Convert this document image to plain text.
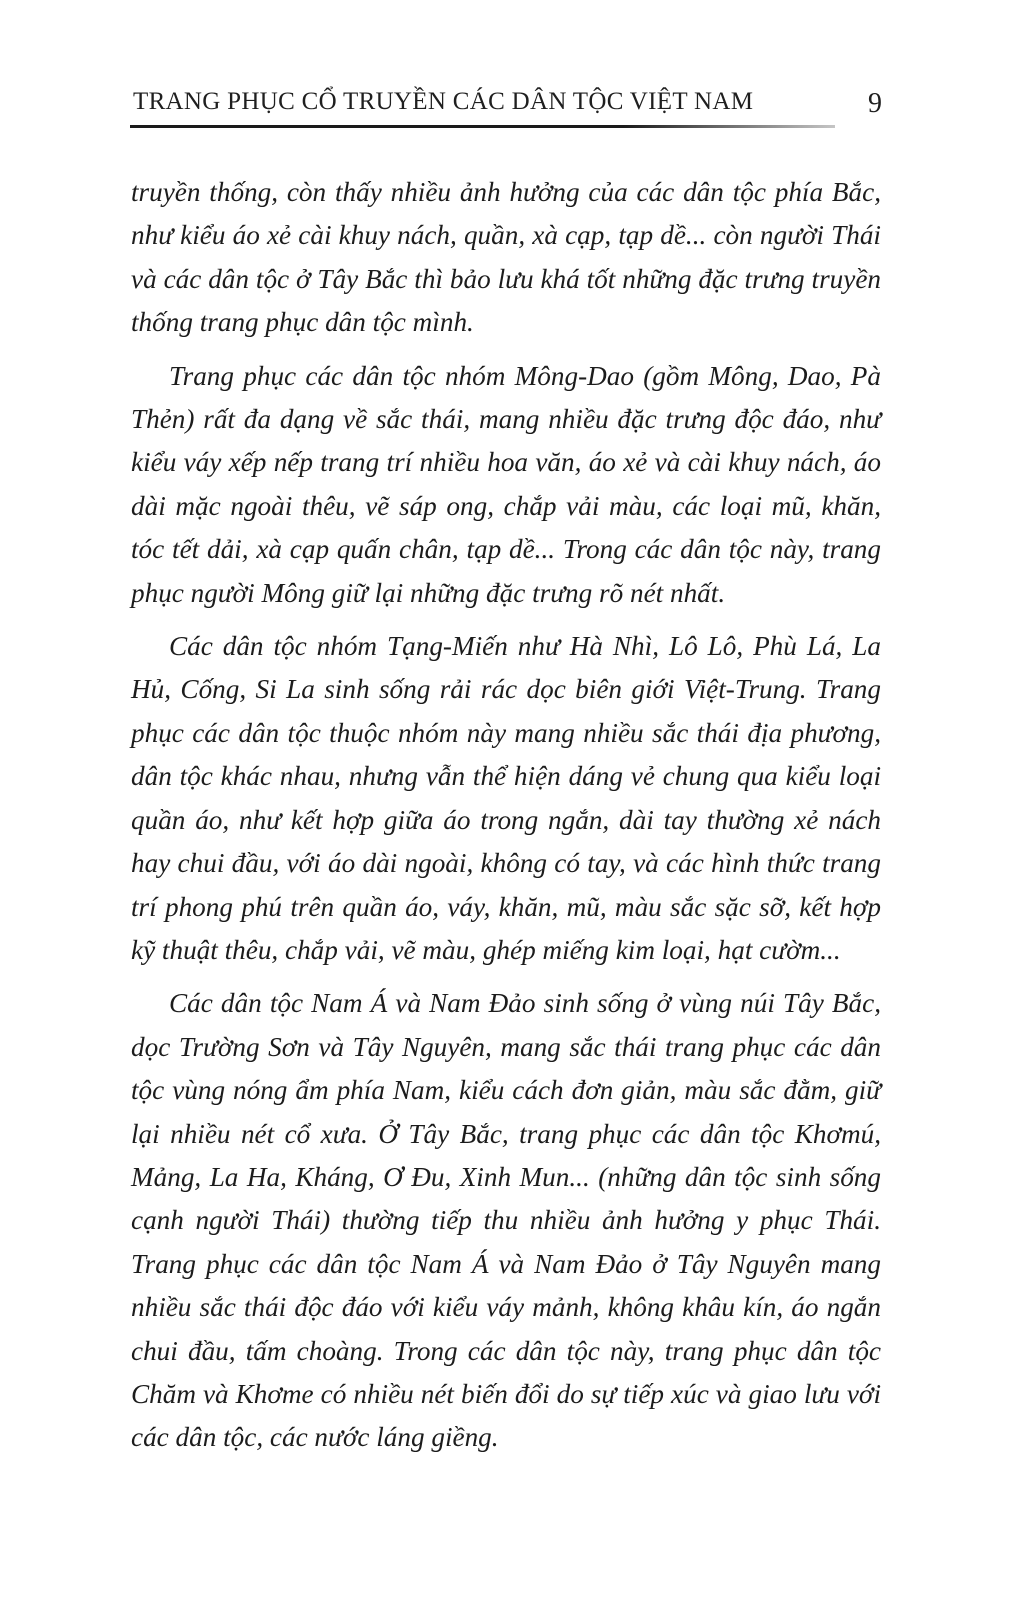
TRANG PHỤC CỔ TRUYỀN CÁC DÂN TỘC VIỆT NAM	9

truyền thống, còn thấy nhiều ảnh hưởng của các dân tộc phía Bắc, như kiểu áo xẻ cài khuy nách, quần, xà cạp, tạp dề... còn người Thái và các dân tộc ở Tây Bắc thì bảo lưu khá tốt những đặc trưng truyền thống trang phục dân tộc mình.

Trang phục các dân tộc nhóm Mông-Dao (gồm Mông, Dao, Pà Thẻn) rất đa dạng về sắc thái, mang nhiều đặc trưng độc đáo, như kiểu váy xếp nếp trang trí nhiều hoa văn, áo xẻ và cài khuy nách, áo dài mặc ngoài thêu, vẽ sáp ong, chắp vải màu, các loại mũ, khăn, tóc tết dải, xà cạp quấn chân, tạp dề... Trong các dân tộc này, trang phục người Mông giữ lại những đặc trưng rõ nét nhất.

Các dân tộc nhóm Tạng-Miến như Hà Nhì, Lô Lô, Phù Lá, La Hủ, Cống, Si La sinh sống rải rác dọc biên giới Việt-Trung. Trang phục các dân tộc thuộc nhóm này mang nhiều sắc thái địa phương, dân tộc khác nhau, nhưng vẫn thể hiện dáng vẻ chung qua kiểu loại quần áo, như kết hợp giữa áo trong ngắn, dài tay thường xẻ nách hay chui đầu, với áo dài ngoài, không có tay, và các hình thức trang trí phong phú trên quần áo, váy, khăn, mũ, màu sắc sặc sỡ, kết hợp kỹ thuật thêu, chắp vải, vẽ màu, ghép miếng kim loại, hạt cườm...

Các dân tộc Nam Á và Nam Đảo sinh sống ở vùng núi Tây Bắc, dọc Trường Sơn và Tây Nguyên, mang sắc thái trang phục các dân tộc vùng nóng ẩm phía Nam, kiểu cách đơn giản, màu sắc đằm, giữ lại nhiều nét cổ xưa. Ở Tây Bắc, trang phục các dân tộc Khơmú, Mảng, La Ha, Kháng, Ơ Đu, Xinh Mun... (những dân tộc sinh sống cạnh người Thái) thường tiếp thu nhiều ảnh hưởng y phục Thái. Trang phục các dân tộc Nam Á và Nam Đảo ở Tây Nguyên mang nhiều sắc thái độc đáo với kiểu váy mảnh, không khâu kín, áo ngắn chui đầu, tấm choàng. Trong các dân tộc này, trang phục dân tộc Chăm và Khơme có nhiều nét biến đổi do sự tiếp xúc và giao lưu với các dân tộc, các nước láng giềng.
